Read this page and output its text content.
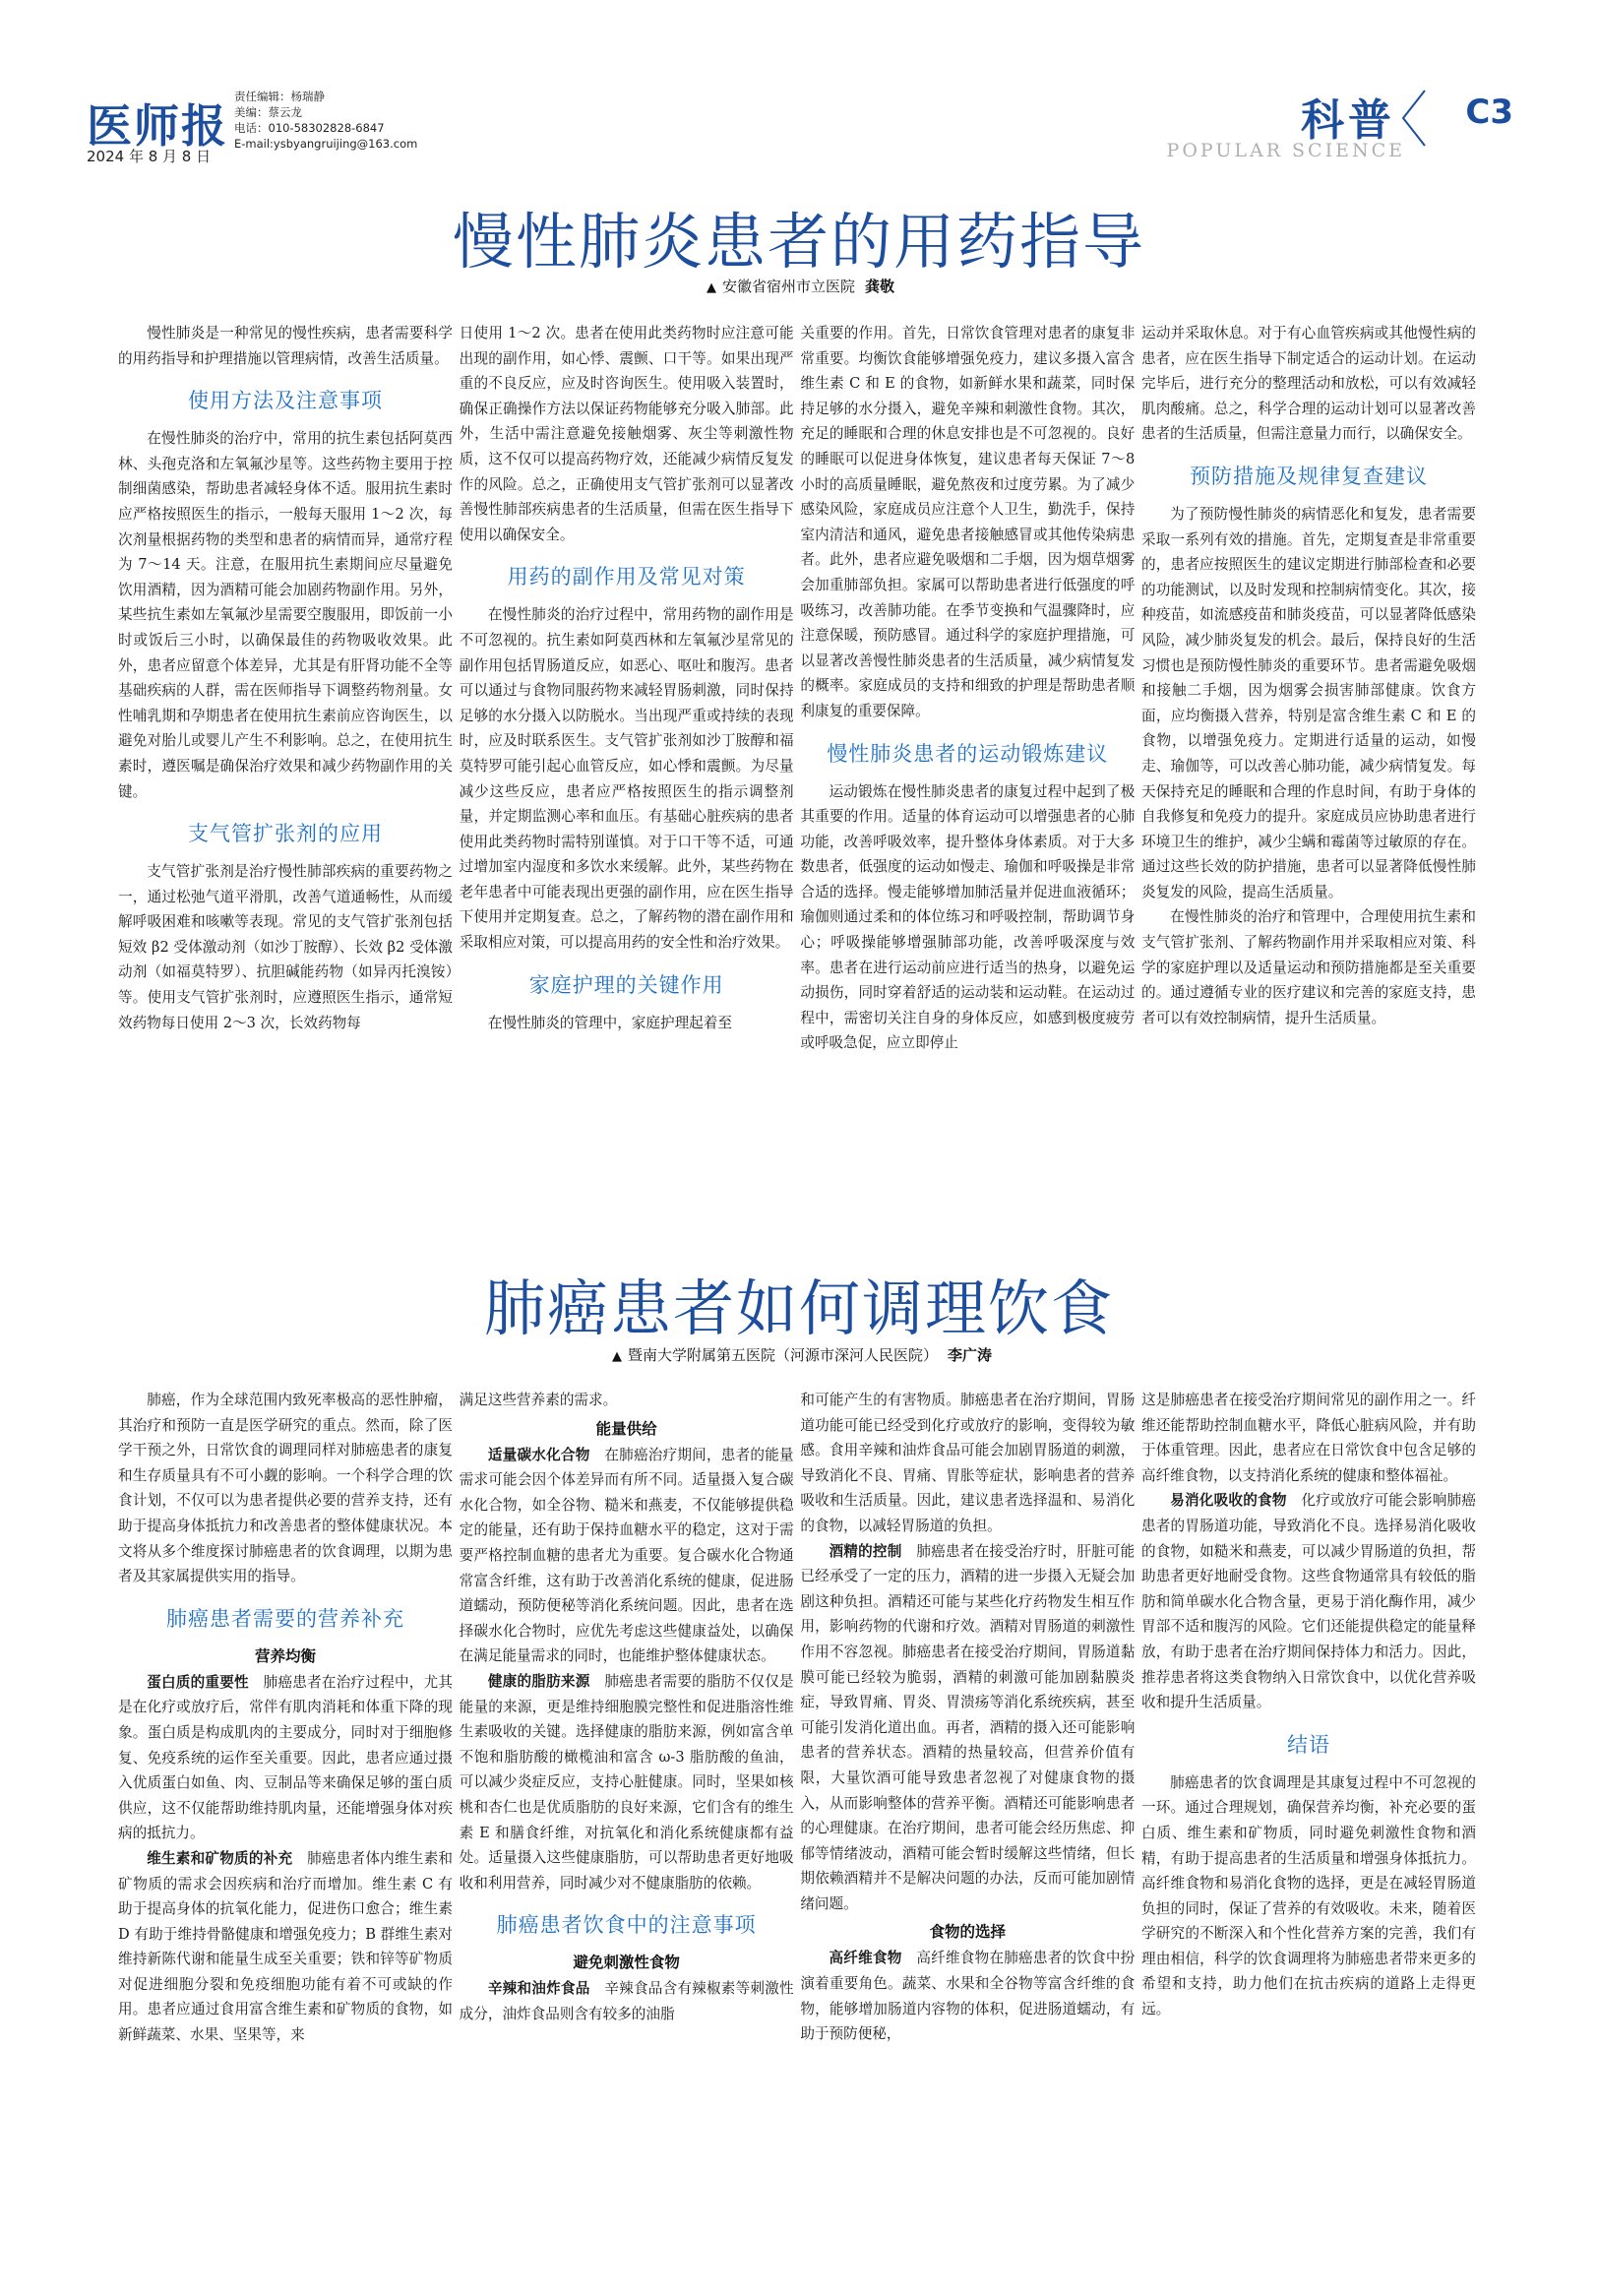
医师报
2024 年 8 月 8 日
责任编辑：杨瑞静
美编：蔡云龙
电话：010-58302828-6847
E-mail:ysbyangruijing@163.com	科普
POPULAR SCIENCE
C3
慢性肺炎患者的用药指导
▲ 安徽省宿州市立医院 龚敬

慢性肺炎是一种常见的慢性疾病，患者需要科学的用药指导和护理措施以管理病情，改善生活质量。

使用方法及注意事项

在慢性肺炎的治疗中，常用的抗生素包括阿莫西林、头孢克洛和左氧氟沙星等。这些药物主要用于控制细菌感染，帮助患者减轻身体不适。服用抗生素时应严格按照医生的指示，一般每天服用 1～2 次，每次剂量根据药物的类型和患者的病情而异，通常疗程为 7～14 天。注意，在服用抗生素期间应尽量避免饮用酒精，因为酒精可能会加剧药物副作用。另外，某些抗生素如左氧氟沙星需要空腹服用，即饭前一小时或饭后三小时，以确保最佳的药物吸收效果。此外，患者应留意个体差异，尤其是有肝肾功能不全等基础疾病的人群，需在医师指导下调整药物剂量。女性哺乳期和孕期患者在使用抗生素前应咨询医生，以避免对胎儿或婴儿产生不利影响。总之，在使用抗生素时，遵医嘱是确保治疗效果和减少药物副作用的关键。

支气管扩张剂的应用

支气管扩张剂是治疗慢性肺部疾病的重要药物之一，通过松弛气道平滑肌，改善气道通畅性，从而缓解呼吸困难和咳嗽等表现。常见的支气管扩张剂包括短效 β2 受体激动剂（如沙丁胺醇）、长效 β2 受体激动剂（如福莫特罗）、抗胆碱能药物（如异丙托溴铵）等。使用支气管扩张剂时，应遵照医生指示，通常短效药物每日使用 2～3 次，长效药物每

日使用 1～2 次。患者在使用此类药物时应注意可能出现的副作用，如心悸、震颤、口干等。如果出现严重的不良反应，应及时咨询医生。使用吸入装置时，确保正确操作方法以保证药物能够充分吸入肺部。此外，生活中需注意避免接触烟雾、灰尘等刺激性物质，这不仅可以提高药物疗效，还能减少病情反复发作的风险。总之，正确使用支气管扩张剂可以显著改善慢性肺部疾病患者的生活质量，但需在医生指导下使用以确保安全。

用药的副作用及常见对策

在慢性肺炎的治疗过程中，常用药物的副作用是不可忽视的。抗生素如阿莫西林和左氧氟沙星常见的副作用包括胃肠道反应，如恶心、呕吐和腹泻。患者可以通过与食物同服药物来减轻胃肠刺激，同时保持足够的水分摄入以防脱水。当出现严重或持续的表现时，应及时联系医生。支气管扩张剂如沙丁胺醇和福莫特罗可能引起心血管反应，如心悸和震颤。为尽量减少这些反应，患者应严格按照医生的指示调整剂量，并定期监测心率和血压。有基础心脏疾病的患者使用此类药物时需特别谨慎。对于口干等不适，可通过增加室内湿度和多饮水来缓解。此外，某些药物在老年患者中可能表现出更强的副作用，应在医生指导下使用并定期复查。总之，了解药物的潜在副作用和采取相应对策，可以提高用药的安全性和治疗效果。

家庭护理的关键作用

在慢性肺炎的管理中，家庭护理起着至

关重要的作用。首先，日常饮食管理对患者的康复非常重要。均衡饮食能够增强免疫力，建议多摄入富含维生素 C 和 E 的食物，如新鲜水果和蔬菜，同时保持足够的水分摄入，避免辛辣和刺激性食物。其次，充足的睡眠和合理的休息安排也是不可忽视的。良好的睡眠可以促进身体恢复，建议患者每天保证 7～8 小时的高质量睡眠，避免熬夜和过度劳累。为了减少感染风险，家庭成员应注意个人卫生，勤洗手，保持室内清洁和通风，避免患者接触感冒或其他传染病患者。此外，患者应避免吸烟和二手烟，因为烟草烟雾会加重肺部负担。家属可以帮助患者进行低强度的呼吸练习，改善肺功能。在季节变换和气温骤降时，应注意保暖，预防感冒。通过科学的家庭护理措施，可以显著改善慢性肺炎患者的生活质量，减少病情复发的概率。家庭成员的支持和细致的护理是帮助患者顺利康复的重要保障。

慢性肺炎患者的运动锻炼建议

运动锻炼在慢性肺炎患者的康复过程中起到了极其重要的作用。适量的体育运动可以增强患者的心肺功能，改善呼吸效率，提升整体身体素质。对于大多数患者，低强度的运动如慢走、瑜伽和呼吸操是非常合适的选择。慢走能够增加肺活量并促进血液循环；瑜伽则通过柔和的体位练习和呼吸控制，帮助调节身心；呼吸操能够增强肺部功能，改善呼吸深度与效率。患者在进行运动前应进行适当的热身，以避免运动损伤，同时穿着舒适的运动装和运动鞋。在运动过程中，需密切关注自身的身体反应，如感到极度疲劳或呼吸急促，应立即停止

运动并采取休息。对于有心血管疾病或其他慢性病的患者，应在医生指导下制定适合的运动计划。在运动完毕后，进行充分的整理活动和放松，可以有效减轻肌肉酸痛。总之，科学合理的运动计划可以显著改善患者的生活质量，但需注意量力而行，以确保安全。

预防措施及规律复查建议

为了预防慢性肺炎的病情恶化和复发，患者需要采取一系列有效的措施。首先，定期复查是非常重要的，患者应按照医生的建议定期进行肺部检查和必要的功能测试，以及时发现和控制病情变化。其次，接种疫苗，如流感疫苗和肺炎疫苗，可以显著降低感染风险，减少肺炎复发的机会。最后，保持良好的生活习惯也是预防慢性肺炎的重要环节。患者需避免吸烟和接触二手烟，因为烟雾会损害肺部健康。饮食方面，应均衡摄入营养，特别是富含维生素 C 和 E 的食物，以增强免疫力。定期进行适量的运动，如慢走、瑜伽等，可以改善心肺功能，减少病情复发。每天保持充足的睡眠和合理的作息时间，有助于身体的自我修复和免疫力的提升。家庭成员应协助患者进行环境卫生的维护，减少尘螨和霉菌等过敏原的存在。通过这些长效的防护措施，患者可以显著降低慢性肺炎复发的风险，提高生活质量。

在慢性肺炎的治疗和管理中，合理使用抗生素和支气管扩张剂、了解药物副作用并采取相应对策、科学的家庭护理以及适量运动和预防措施都是至关重要的。通过遵循专业的医疗建议和完善的家庭支持，患者可以有效控制病情，提升生活质量。

肺癌患者如何调理饮食
▲ 暨南大学附属第五医院（河源市深河人民医院） 李广涛

肺癌，作为全球范围内致死率极高的恶性肿瘤，其治疗和预防一直是医学研究的重点。然而，除了医学干预之外，日常饮食的调理同样对肺癌患者的康复和生存质量具有不可小觑的影响。一个科学合理的饮食计划，不仅可以为患者提供必要的营养支持，还有助于提高身体抵抗力和改善患者的整体健康状况。本文将从多个维度探讨肺癌患者的饮食调理，以期为患者及其家属提供实用的指导。

肺癌患者需要的营养补充
营养均衡

蛋白质的重要性　 肺癌患者在治疗过程中，尤其是在化疗或放疗后，常伴有肌肉消耗和体重下降的现象。蛋白质是构成肌肉的主要成分，同时对于细胞修复、免疫系统的运作至关重要。因此，患者应通过摄入优质蛋白如鱼、肉、豆制品等来确保足够的蛋白质供应，这不仅能帮助维持肌肉量，还能增强身体对疾病的抵抗力。

维生素和矿物质的补充　 肺癌患者体内维生素和矿物质的需求会因疾病和治疗而增加。维生素 C 有助于提高身体的抗氧化能力，促进伤口愈合；维生素 D 有助于维持骨骼健康和增强免疫力；B 群维生素对维持新陈代谢和能量生成至关重要；铁和锌等矿物质对促进细胞分裂和免疫细胞功能有着不可或缺的作用。患者应通过食用富含维生素和矿物质的食物，如新鲜蔬菜、水果、坚果等，来

满足这些营养素的需求。

能量供给

适量碳水化合物　 在肺癌治疗期间，患者的能量需求可能会因个体差异而有所不同。适量摄入复合碳水化合物，如全谷物、糙米和燕麦，不仅能够提供稳定的能量，还有助于保持血糖水平的稳定，这对于需要严格控制血糖的患者尤为重要。复合碳水化合物通常富含纤维，这有助于改善消化系统的健康，促进肠道蠕动，预防便秘等消化系统问题。因此，患者在选择碳水化合物时，应优先考虑这些健康益处，以确保在满足能量需求的同时，也能维护整体健康状态。

健康的脂肪来源　 肺癌患者需要的脂肪不仅仅是能量的来源，更是维持细胞膜完整性和促进脂溶性维生素吸收的关键。选择健康的脂肪来源，例如富含单不饱和脂肪酸的橄榄油和富含 ω-3 脂肪酸的鱼油，可以减少炎症反应，支持心脏健康。同时，坚果如核桃和杏仁也是优质脂肪的良好来源，它们含有的维生素 E 和膳食纤维，对抗氧化和消化系统健康都有益处。适量摄入这些健康脂肪，可以帮助患者更好地吸收和利用营养，同时减少对不健康脂肪的依赖。

肺癌患者饮食中的注意事项
避免刺激性食物

辛辣和油炸食品　 辛辣食品含有辣椒素等刺激性成分，油炸食品则含有较多的油脂

和可能产生的有害物质。肺癌患者在治疗期间，胃肠道功能可能已经受到化疗或放疗的影响，变得较为敏感。食用辛辣和油炸食品可能会加剧胃肠道的刺激，导致消化不良、胃痛、胃胀等症状，影响患者的营养吸收和生活质量。因此，建议患者选择温和、易消化的食物，以减轻胃肠道的负担。

酒精的控制　 肺癌患者在接受治疗时，肝脏可能已经承受了一定的压力，酒精的进一步摄入无疑会加剧这种负担。酒精还可能与某些化疗药物发生相互作用，影响药物的代谢和疗效。酒精对胃肠道的刺激性作用不容忽视。肺癌患者在接受治疗期间，胃肠道黏膜可能已经较为脆弱，酒精的刺激可能加剧黏膜炎症，导致胃痛、胃炎、胃溃疡等消化系统疾病，甚至可能引发消化道出血。再者，酒精的摄入还可能影响患者的营养状态。酒精的热量较高，但营养价值有限，大量饮酒可能导致患者忽视了对健康食物的摄入，从而影响整体的营养平衡。酒精还可能影响患者的心理健康。在治疗期间，患者可能会经历焦虑、抑郁等情绪波动，酒精可能会暂时缓解这些情绪，但长期依赖酒精并不是解决问题的办法，反而可能加剧情绪问题。

食物的选择

高纤维食物　 高纤维食物在肺癌患者的饮食中扮演着重要角色。蔬菜、水果和全谷物等富含纤维的食物，能够增加肠道内容物的体积，促进肠道蠕动，有助于预防便秘，

这是肺癌患者在接受治疗期间常见的副作用之一。纤维还能帮助控制血糖水平，降低心脏病风险，并有助于体重管理。因此，患者应在日常饮食中包含足够的高纤维食物，以支持消化系统的健康和整体福祉。

易消化吸收的食物　 化疗或放疗可能会影响肺癌患者的胃肠道功能，导致消化不良。选择易消化吸收的食物，如糙米和燕麦，可以减少胃肠道的负担，帮助患者更好地耐受食物。这些食物通常具有较低的脂肪和简单碳水化合物含量，更易于消化酶作用，减少胃部不适和腹泻的风险。它们还能提供稳定的能量释放，有助于患者在治疗期间保持体力和活力。因此，推荐患者将这类食物纳入日常饮食中，以优化营养吸收和提升生活质量。

结语

肺癌患者的饮食调理是其康复过程中不可忽视的一环。通过合理规划，确保营养均衡，补充必要的蛋白质、维生素和矿物质，同时避免刺激性食物和酒精，有助于提高患者的生活质量和增强身体抵抗力。高纤维食物和易消化食物的选择，更是在减轻胃肠道负担的同时，保证了营养的有效吸收。未来，随着医学研究的不断深入和个性化营养方案的完善，我们有理由相信，科学的饮食调理将为肺癌患者带来更多的希望和支持，助力他们在抗击疾病的道路上走得更远。
